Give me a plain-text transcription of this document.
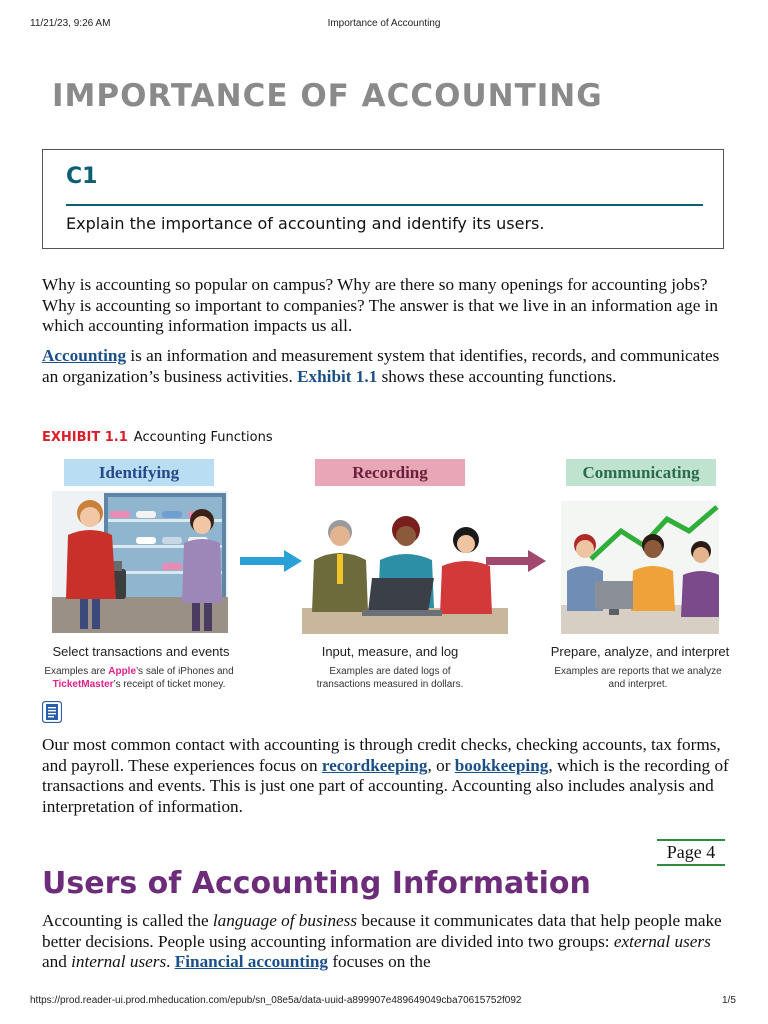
11/21/23, 9:26 AM	Importance of Accounting
IMPORTANCE OF ACCOUNTING
C1
Explain the importance of accounting and identify its users.

Why is accounting so popular on campus? Why are there so many openings for accounting jobs? Why is accounting so important to companies? The answer is that we live in an information age in which accounting information impacts us all.

Accounting is an information and measurement system that identifies, records, and communicates an organization’s business activities. Exhibit 1.1 shows these accounting functions.

EXHIBIT 1.1 Accounting Functions
Identifying
Select transactions and events
Examples are Apple’s sale of iPhones and
TicketMaster’s receipt of ticket money.
Recording
Input, measure, and log
Examples are dated logs of transactions measured in dollars.
Communicating
Prepare, analyze, and interpret
Examples are reports that we analyze and interpret.

Our most common contact with accounting is through credit checks, checking accounts, tax forms, and payroll. These experiences focus on recordkeeping, or bookkeeping, which is the recording of transactions and events. This is just one part of accounting. Accounting also includes analysis and interpretation of information.

Page 4
Users of Accounting Information

Accounting is called the language of business because it communicates data that help people make better decisions. People using accounting information are divided into two groups: external users and internal users. Financial accounting focuses on the

https://prod.reader-ui.prod.mheducation.com/epub/sn_08e5a/data-uuid-a899907e489649049cba70615752f092	1/5
